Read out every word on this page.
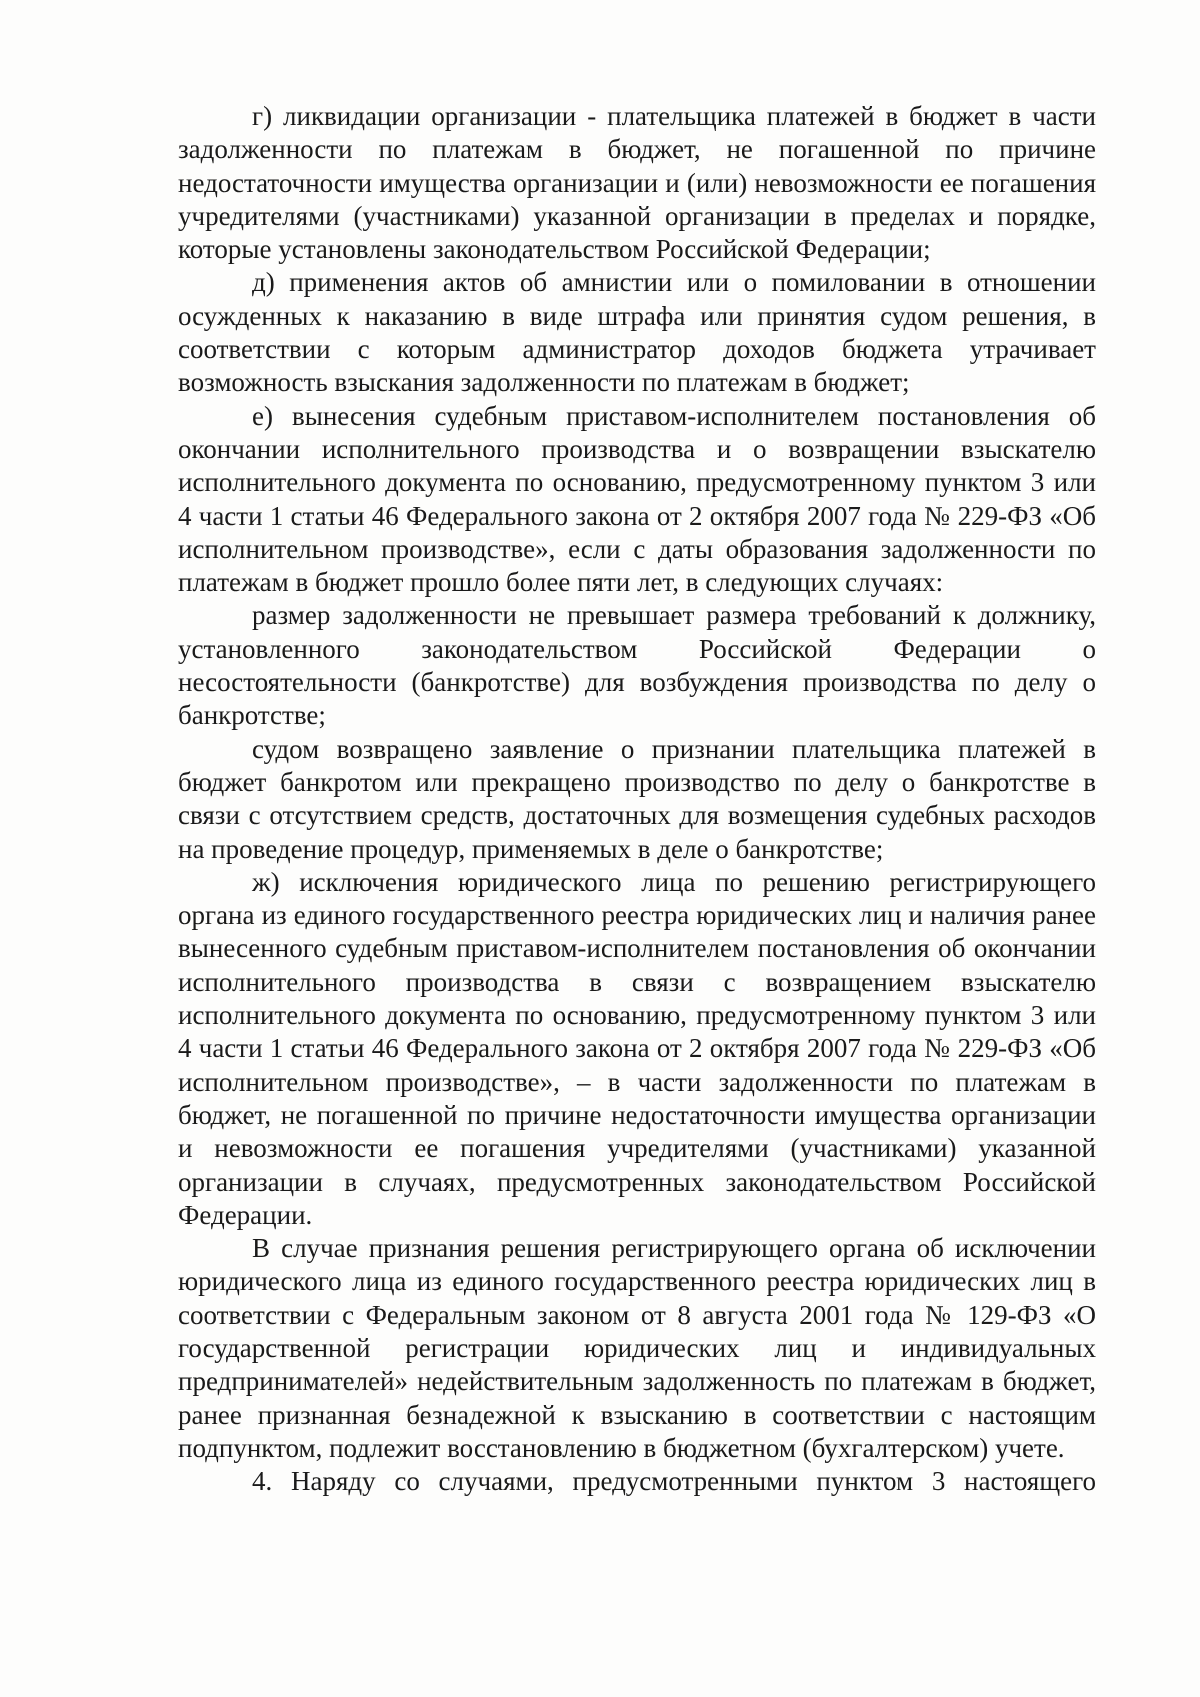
г) ликвидации организации - плательщика платежей в бюджет в части задолженности по платежам в бюджет, не погашенной по причине недостаточности имущества организации и (или) невозможности ее погашения учредителями (участниками) указанной организации в пределах и порядке, которые установлены законодательством Российской Федерации;

д) применения актов об амнистии или о помиловании в отношении осужденных к наказанию в виде штрафа или принятия судом решения, в соответствии с которым администратор доходов бюджета утрачивает возможность взыскания задолженности по платежам в бюджет;

е) вынесения судебным приставом-исполнителем постановления об окончании исполнительного производства и о возвращении взыскателю исполнительного документа по основанию, предусмотренному пунктом 3 или 4 части 1 статьи 46 Федерального закона от 2 октября 2007 года № 229-ФЗ «Об исполнительном производстве», если с даты образования задолженности по платежам в бюджет прошло более пяти лет, в следующих случаях:

размер задолженности не превышает размера требований к должнику, установленного законодательством Российской Федерации о несостоятельности (банкротстве) для возбуждения производства по делу о банкротстве;

судом возвращено заявление о признании плательщика платежей в бюджет банкротом или прекращено производство по делу о банкротстве в связи с отсутствием средств, достаточных для возмещения судебных расходов на проведение процедур, применяемых в деле о банкротстве;

ж) исключения юридического лица по решению регистрирующего органа из единого государственного реестра юридических лиц и наличия ранее вынесенного судебным приставом-исполнителем постановления об окончании исполнительного производства в связи с возвращением взыскателю исполнительного документа по основанию, предусмотренному пунктом 3 или 4 части 1 статьи 46 Федерального закона от 2 октября 2007 года № 229-ФЗ «Об исполнительном производстве», – в части задолженности по платежам в бюджет, не погашенной по причине недостаточности имущества организации и невозможности ее погашения учредителями (участниками) указанной организации в случаях, предусмотренных законодательством Российской Федерации.

В случае признания решения регистрирующего органа об исключении юридического лица из единого государственного реестра юридических лиц в соответствии с Федеральным законом от 8 августа 2001 года № 129-ФЗ «О государственной регистрации юридических лиц и индивидуальных предпринимателей» недействительным задолженность по платежам в бюджет, ранее признанная безнадежной к взысканию в соответствии с настоящим подпунктом, подлежит восстановлению в бюджетном (бухгалтерском) учете.

4. Наряду со случаями, предусмотренными пунктом 3 настоящего
